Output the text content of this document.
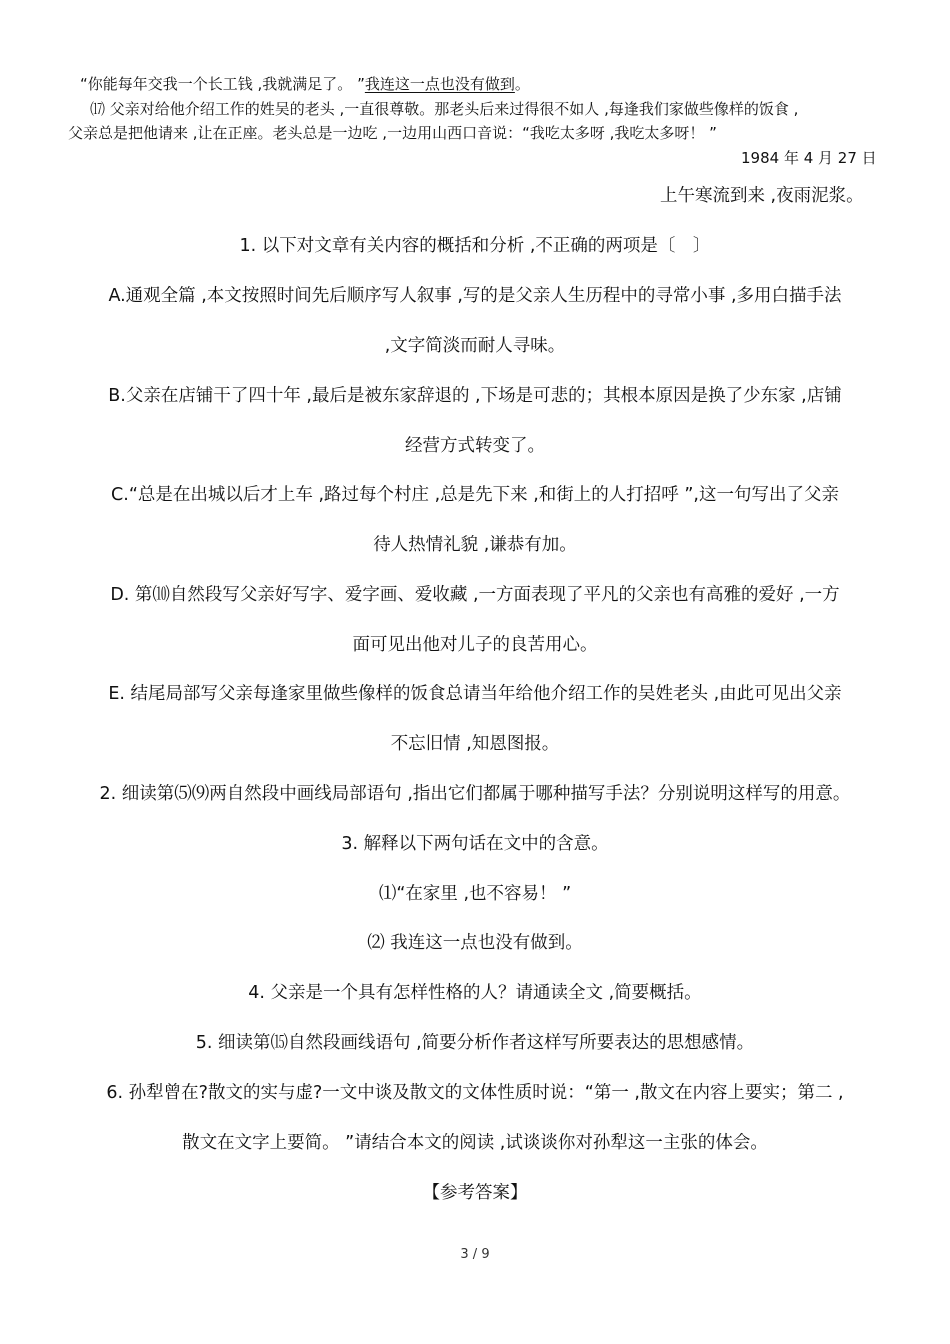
“你能每年交我一个长工钱 ,我就满足了。 ”我连这一点也没有做到。
⒄ 父亲对给他介绍工作的姓吴的老头 ,一直很尊敬。那老头后来过得很不如人 ,每逢我们家做些像样的饭食 ,
父亲总是把他请来 ,让在正座。老头总是一边吃 ,一边用山西口音说：“我吃太多呀 ,我吃太多呀！ ”
1984 年 4 月 27 日
上午寒流到来 ,夜雨泥浆。
1. 以下对文章有关内容的概括和分析 ,不正确的两项是〔　〕
A.通观全篇 ,本文按照时间先后顺序写人叙事 ,写的是父亲人生历程中的寻常小事 ,多用白描手法
,文字简淡而耐人寻味。
B.父亲在店铺干了四十年 ,最后是被东家辞退的 ,下场是可悲的；其根本原因是换了少东家 ,店铺
经营方式转变了。
C.“总是在出城以后才上车 ,路过每个村庄 ,总是先下来 ,和街上的人打招呼 ”,这一句写出了父亲
待人热情礼貌 ,谦恭有加。
D. 第⑽自然段写父亲好写字、爱字画、爱收藏 ,一方面表现了平凡的父亲也有高雅的爱好 ,一方
面可见出他对儿子的良苦用心。
E. 结尾局部写父亲每逢家里做些像样的饭食总请当年给他介绍工作的吴姓老头 ,由此可见出父亲
不忘旧情 ,知恩图报。
2. 细读第⑸⑼两自然段中画线局部语句 ,指出它们都属于哪种描写手法？分别说明这样写的用意。
3. 解释以下两句话在文中的含意。
⑴“在家里 ,也不容易！ ”
⑵ 我连这一点也没有做到。
4. 父亲是一个具有怎样性格的人？请通读全文 ,简要概括。
5. 细读第⒂自然段画线语句 ,简要分析作者这样写所要表达的思想感情。
6. 孙犁曾在?散文的实与虚?一文中谈及散文的文体性质时说：“第一 ,散文在内容上要实；第二 ,
散文在文字上要简。 ”请结合本文的阅读 ,试谈谈你对孙犁这一主张的体会。
【参考答案】
3 / 9
